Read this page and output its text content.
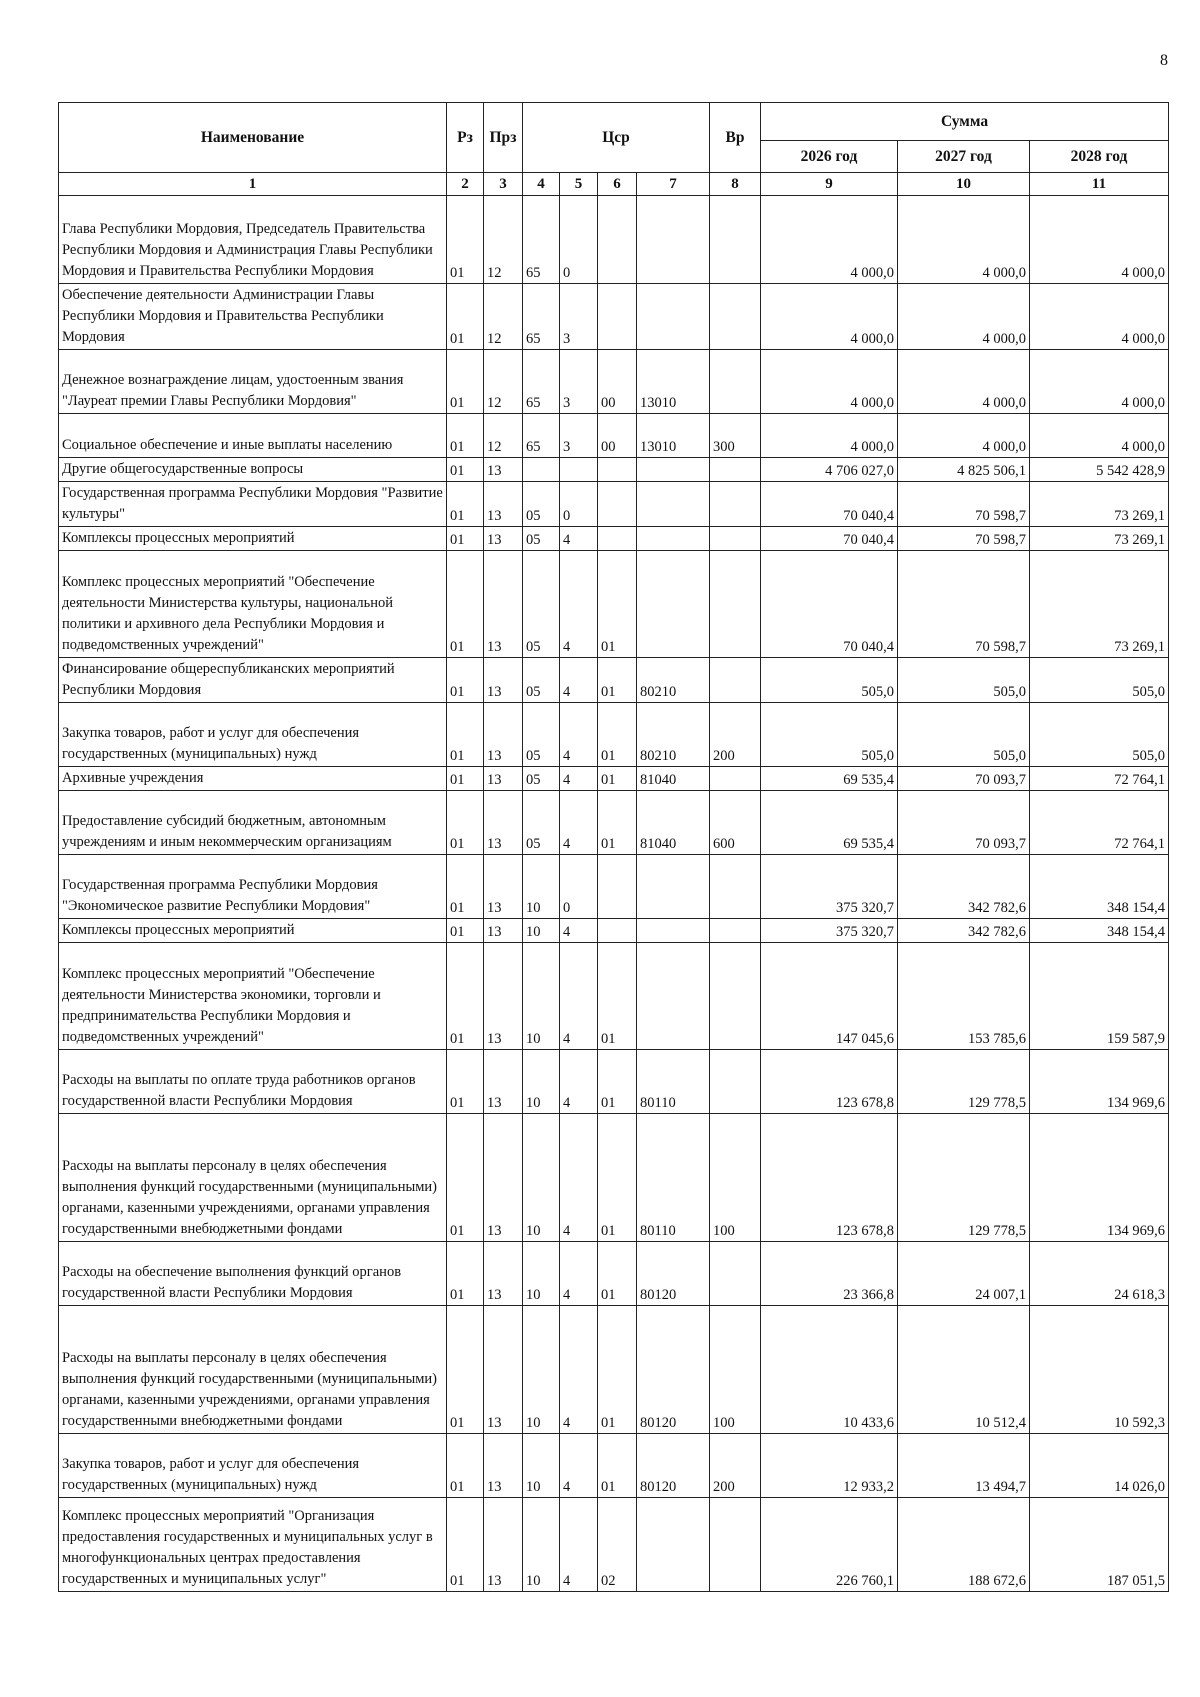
8
Наименование	Рз	Прз	Цср				Вр	Сумма		
								2026 год	2027 год	2028 год
1	2	3	4	5	6	7	8	9	10	11
Глава Республики Мордовия, Председатель Правительства Республики Мордовия и Администрация Главы Республики Мордовия и Правительства Республики Мордовия	01	12	65	0				4 000,0	4 000,0	4 000,0
Обеспечение деятельности Администрации Главы Республики Мордовия и Правительства Республики Мордовия	01	12	65	3				4 000,0	4 000,0	4 000,0
Денежное вознаграждение лицам, удостоенным звания "Лауреат премии Главы Республики Мордовия"	01	12	65	3	00	13010		4 000,0	4 000,0	4 000,0
Социальное обеспечение и иные выплаты населению	01	12	65	3	00	13010	300	4 000,0	4 000,0	4 000,0
Другие общегосударственные вопросы	01	13						4 706 027,0	4 825 506,1	5 542 428,9
Государственная программа Республики Мордовия "Развитие культуры"	01	13	05	0				70 040,4	70 598,7	73 269,1
Комплексы процессных мероприятий	01	13	05	4				70 040,4	70 598,7	73 269,1
Комплекс процессных мероприятий "Обеспечение деятельности Министерства культуры, национальной политики и архивного дела Республики Мордовия и подведомственных учреждений"	01	13	05	4	01			70 040,4	70 598,7	73 269,1
Финансирование общереспубликанских мероприятий Республики Мордовия	01	13	05	4	01	80210		505,0	505,0	505,0
Закупка товаров, работ и услуг для обеспечения государственных (муниципальных) нужд	01	13	05	4	01	80210	200	505,0	505,0	505,0
Архивные учреждения	01	13	05	4	01	81040		69 535,4	70 093,7	72 764,1
Предоставление субсидий бюджетным, автономным учреждениям и иным некоммерческим организациям	01	13	05	4	01	81040	600	69 535,4	70 093,7	72 764,1
Государственная программа Республики Мордовия "Экономическое развитие Республики Мордовия"	01	13	10	0				375 320,7	342 782,6	348 154,4
Комплексы процессных мероприятий	01	13	10	4				375 320,7	342 782,6	348 154,4
Комплекс процессных мероприятий "Обеспечение деятельности Министерства экономики, торговли и предпринимательства Республики Мордовия и подведомственных учреждений"	01	13	10	4	01			147 045,6	153 785,6	159 587,9
Расходы на выплаты по оплате труда работников органов государственной власти Республики Мордовия	01	13	10	4	01	80110		123 678,8	129 778,5	134 969,6
Расходы на выплаты персоналу в целях обеспечения выполнения функций государственными (муниципальными) органами, казенными учреждениями, органами управления государственными внебюджетными фондами	01	13	10	4	01	80110	100	123 678,8	129 778,5	134 969,6
Расходы на обеспечение выполнения функций органов государственной власти Республики Мордовия	01	13	10	4	01	80120		23 366,8	24 007,1	24 618,3
Расходы на выплаты персоналу в целях обеспечения выполнения функций государственными (муниципальными) органами, казенными учреждениями, органами управления государственными внебюджетными фондами	01	13	10	4	01	80120	100	10 433,6	10 512,4	10 592,3
Закупка товаров, работ и услуг для обеспечения государственных (муниципальных) нужд	01	13	10	4	01	80120	200	12 933,2	13 494,7	14 026,0
Комплекс процессных мероприятий "Организация предоставления государственных и муниципальных услуг в многофункциональных центрах предоставления государственных и муниципальных услуг"	01	13	10	4	02			226 760,1	188 672,6	187 051,5
